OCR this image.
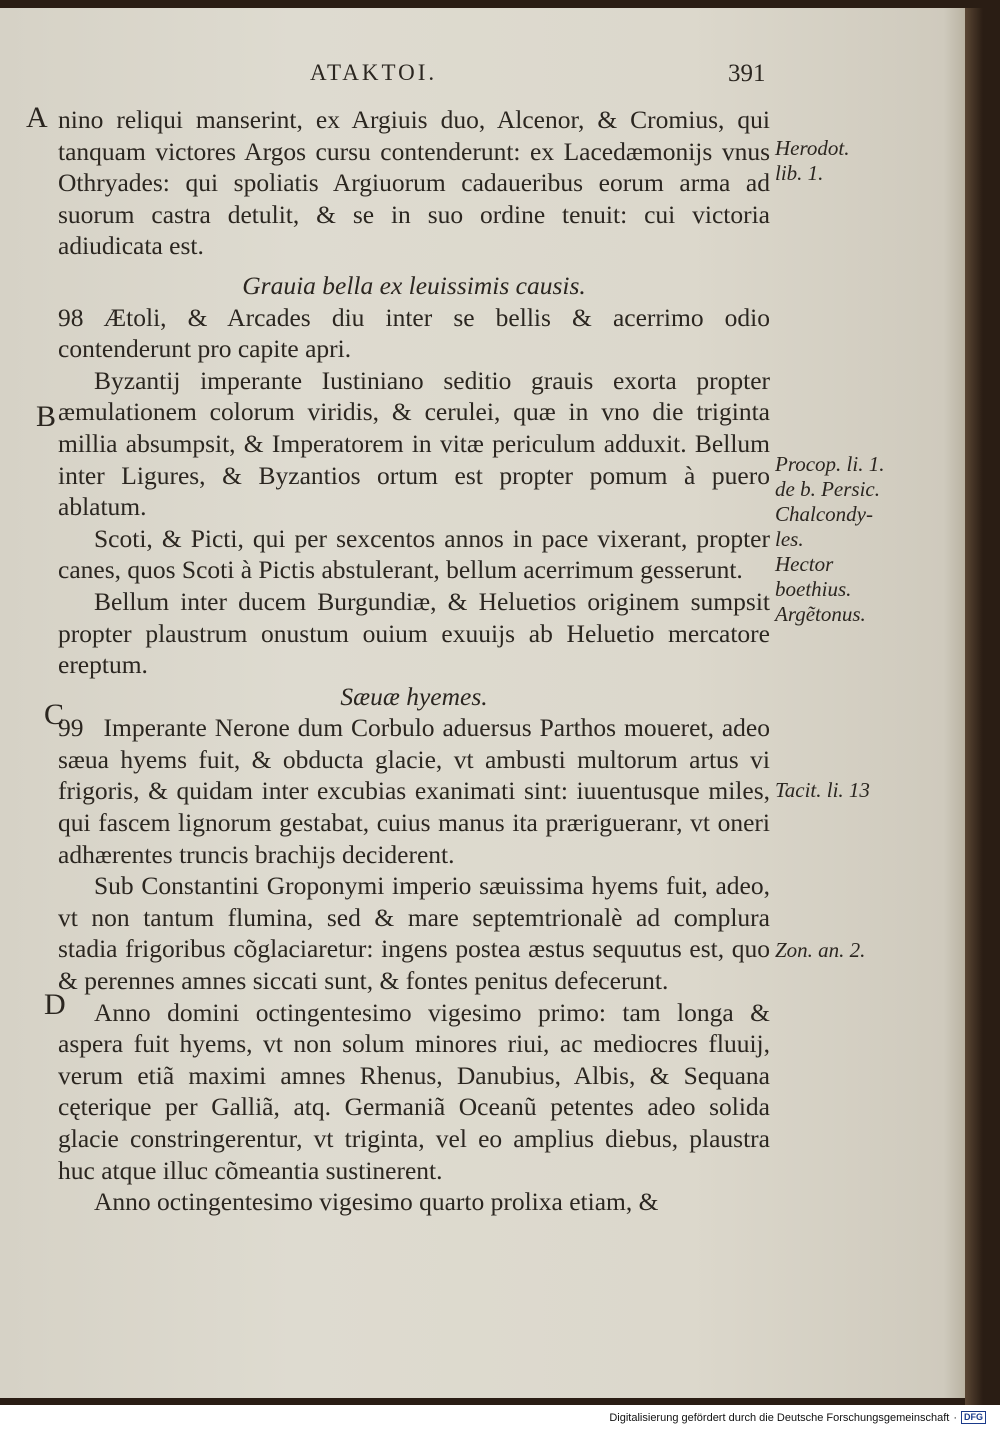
ATAKTOI.	391
A
B
C
D

nino reliqui manserint, ex Argiuis duo, Alcenor, & Cromius, qui tanquam victores Argos cursu contenderunt: ex Lacedæmonijs vnus Othryades: qui spoliatis Argiuorum cadaueribus eorum arma ad suorum castra detulit, & se in suo ordine tenuit: cui victoria adiudicata est.

Grauia bella ex leuissimis causis.

98 Ætoli, & Arcades diu inter se bellis & acerrimo odio contenderunt pro capite apri.

Byzantij imperante Iustiniano seditio grauis exorta propter æmulationem colorum viridis, & cerulei, quæ in vno die triginta millia absumpsit, & Imperatorem in vitæ periculum adduxit. Bellum inter Ligures, & Byzantios ortum est propter pomum à puero ablatum.

Scoti, & Picti, qui per sexcentos annos in pace vixerant, propter canes, quos Scoti à Pictis abstulerant, bellum acerrimum gesserunt.

Bellum inter ducem Burgundiæ, & Heluetios originem sumpsit propter plaustrum onustum ouium exuuijs ab Heluetio mercatore ereptum.

Sæuæ hyemes.

99 Imperante Nerone dum Corbulo aduersus Parthos moueret, adeo sæua hyems fuit, & obducta glacie, vt ambusti multorum artus vi frigoris, & quidam inter excubias exanimati sint: iuuentusque miles, qui fascem lignorum gestabat, cuius manus ita prærigueranr, vt oneri adhærentes truncis brachijs deciderent.

Sub Constantini Groponymi imperio sæuissima hyems fuit, adeo, vt non tantum flumina, sed & mare septemtrionalè ad complura stadia frigoribus cõglaciaretur: ingens postea æstus sequutus est, quo & perennes amnes siccati sunt, & fontes penitus defecerunt.

Anno domini octingentesimo vigesimo primo: tam longa & aspera fuit hyems, vt non solum minores riui, ac mediocres fluuij, verum etiã maximi amnes Rhenus, Danubius, Albis, & Sequana cęterique per Galliã, atq. Germaniã Oceanũ petentes adeo solida glacie constringerentur, vt triginta, vel eo amplius diebus, plaustra huc atque illuc cõmeantia sustinerent.

Anno octingentesimo vigesimo quarto prolixa etiam, &

Herodot.
lib. 1.
Procop. li. 1.
de b. Persic.
Chalcondy-
les.
Hector
boethius.
Argẽtonus.
Tacit. li. 13
Zon. an. 2.
Digitalisierung gefördert durch die Deutsche Forschungsgemeinschaft · DFG
